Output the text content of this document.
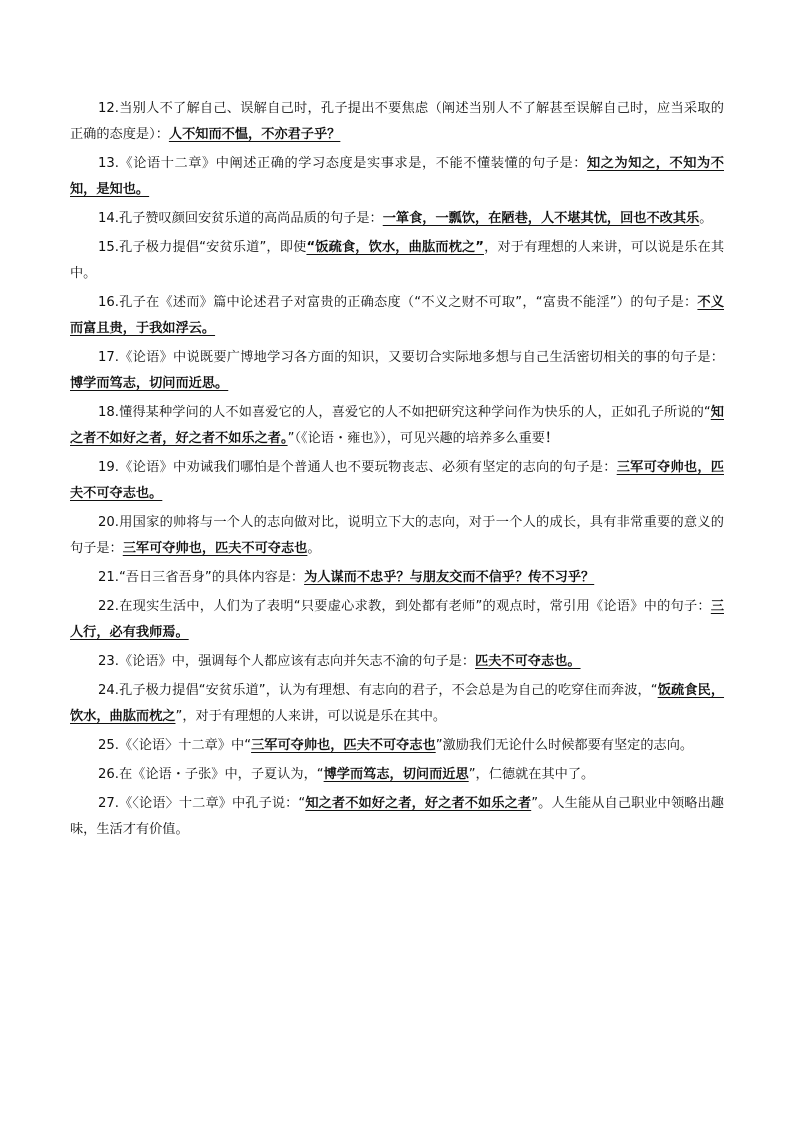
12.当别人不了解自己、误解自己时，孔子提出不要焦虑（阐述当别人不了解甚至误解自己时，应当采取的正确的态度是）：人不知而不愠，不亦君子乎？

13.《论语十二章》中阐述正确的学习态度是实事求是，不能不懂装懂的句子是：知之为知之，不知为不知，是知也。

14.孔子赞叹颜回安贫乐道的高尚品质的句子是：一箪食，一瓢饮，在陋巷，人不堪其忧，回也不改其乐。

15.孔子极力提倡“安贫乐道”，即使“饭疏食，饮水，曲肱而枕之”，对于有理想的人来讲，可以说是乐在其中。

16.孔子在《述而》篇中论述君子对富贵的正确态度（“不义之财不可取”，“富贵不能淫”）的句子是：不义而富且贵，于我如浮云。

17.《论语》中说既要广博地学习各方面的知识，又要切合实际地多想与自己生活密切相关的事的句子是：博学而笃志，切问而近思。

18.懂得某种学问的人不如喜爱它的人，喜爱它的人不如把研究这种学问作为快乐的人，正如孔子所说的“知之者不如好之者，好之者不如乐之者。”（《论语・雍也》），可见兴趣的培养多么重要！

19.《论语》中劝诫我们哪怕是个普通人也不要玩物丧志、必须有坚定的志向的句子是：三军可夺帅也，匹夫不可夺志也。

20.用国家的帅将与一个人的志向做对比，说明立下大的志向，对于一个人的成长，具有非常重要的意义的句子是：三军可夺帅也，匹夫不可夺志也。

21.“吾日三省吾身”的具体内容是：为人谋而不忠乎？与朋友交而不信乎？传不习乎？

22.在现实生活中，人们为了表明“只要虚心求教，到处都有老师”的观点时，常引用《论语》中的句子：三人行，必有我师焉。

23.《论语》中，强调每个人都应该有志向并矢志不渝的句子是：匹夫不可夺志也。

24.孔子极力提倡“安贫乐道”，认为有理想、有志向的君子，不会总是为自己的吃穿住而奔波，“饭疏食民，饮水，曲肱而枕之”，对于有理想的人来讲，可以说是乐在其中。

25.《〈论语〉十二章》中“三军可夺帅也，匹夫不可夺志也”激励我们无论什么时候都要有坚定的志向。

26.在《论语・子张》中，子夏认为，“博学而笃志，切问而近思”，仁德就在其中了。

27.《〈论语〉十二章》中孔子说：“知之者不如好之者，好之者不如乐之者”。人生能从自己职业中领略出趣味，生活才有价值。
